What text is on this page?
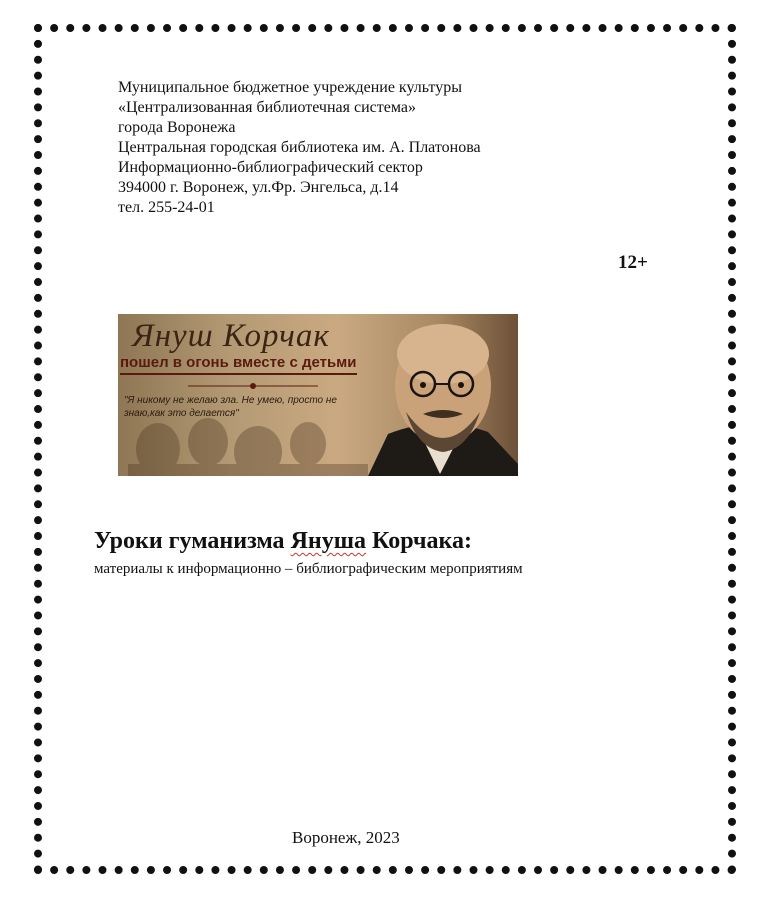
Муниципальное бюджетное учреждение культуры
«Централизованная библиотечная система»
города Воронежа
Центральная городская библиотека им. А. Платонова
Информационно-библиографический сектор
394000 г. Воронеж, ул.Фр. Энгельса, д.14
тел. 255-24-01
12+
Януш Корчак
пошел в огонь вместе с детьми
"Я никому не желаю зла. Не умею, просто не знаю,как это делается"
Уроки гуманизма Януша Корчака:
материалы к информационно – библиографическим мероприятиям
Воронеж, 2023
